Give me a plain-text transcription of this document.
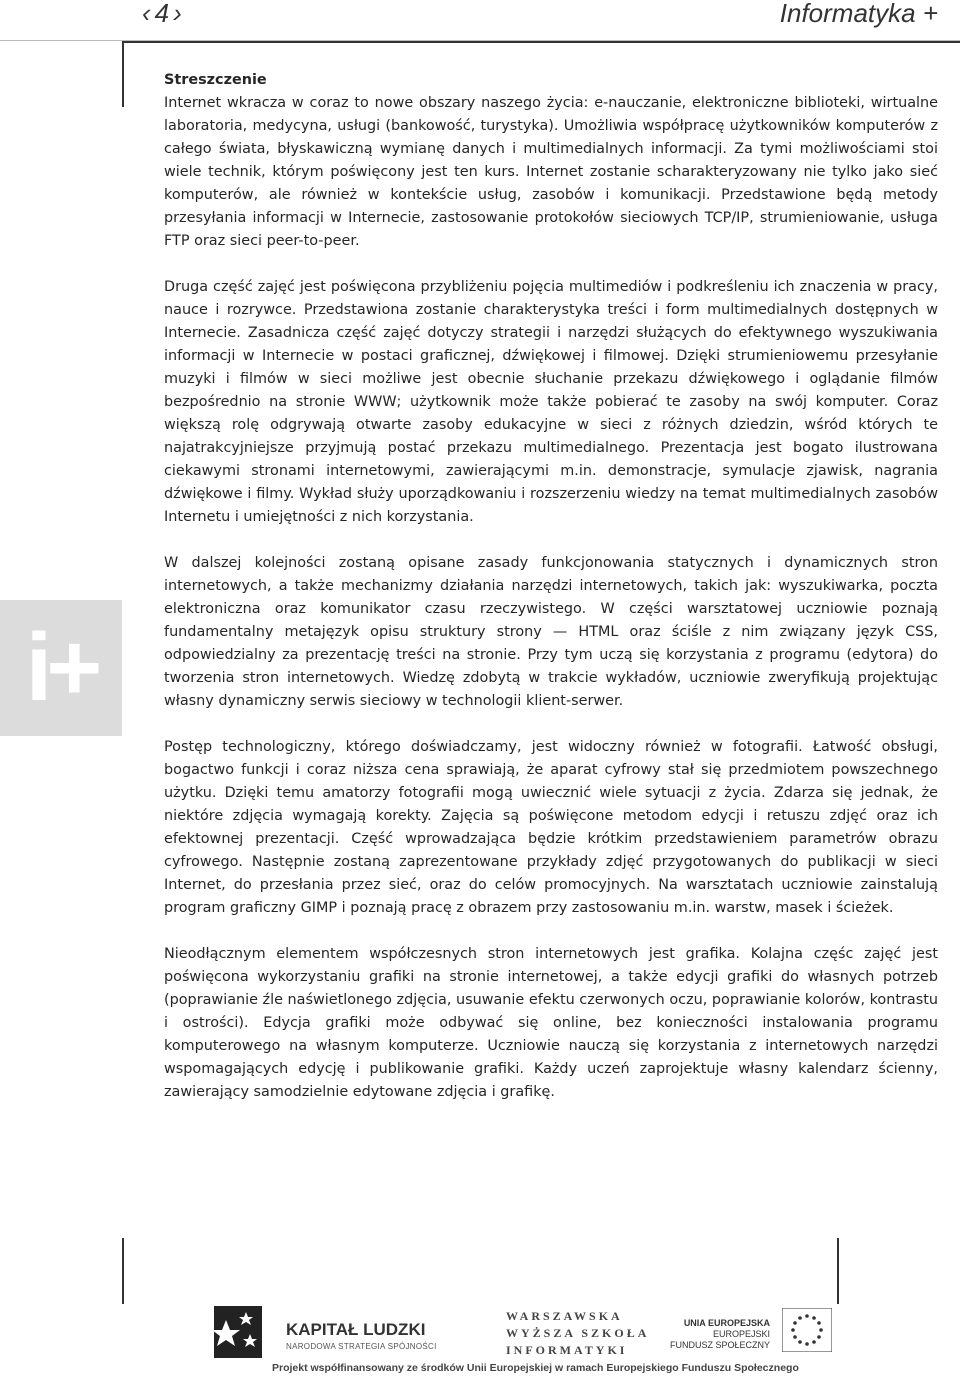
‹ 4 ›	Informatyka +
i+
Streszczenie

Internet wkracza w coraz to nowe obszary naszego życia: e-nauczanie, elektroniczne biblioteki, wirtualne laboratoria, medycyna, usługi (bankowość, turystyka). Umożliwia współpracę użytkowników komputerów z całego świata, błyskawiczną wymianę danych i multimedialnych informacji. Za tymi możliwościami stoi wiele technik, którym poświęcony jest ten kurs. Internet zostanie scharakteryzowany nie tylko jako sieć komputerów, ale również w kontekście usług, zasobów i komunikacji. Przedstawione będą metody przesyłania informacji w Internecie, zastosowanie protokołów sieciowych TCP/IP, strumieniowanie, usługa FTP oraz sieci peer-to-peer.

Druga część zajęć jest poświęcona przybliżeniu pojęcia multimediów i podkreśleniu ich znaczenia w pracy, nauce i rozrywce. Przedstawiona zostanie charakterystyka treści i form multimedialnych dostępnych w Internecie. Zasadnicza część zajęć dotyczy strategii i narzędzi służących do efektywnego wyszukiwania informacji w Internecie w postaci graficznej, dźwiękowej i filmowej. Dzięki strumieniowemu przesyłanie muzyki i filmów w sieci możliwe jest obecnie słuchanie przekazu dźwiękowego i oglądanie filmów bezpośrednio na stronie WWW; użytkownik może także pobierać te zasoby na swój komputer. Coraz większą rolę odgrywają otwarte zasoby edukacyjne w sieci z różnych dziedzin, wśród których te najatrakcyjniejsze przyjmują postać przekazu multimedialnego. Prezentacja jest bogato ilustrowana ciekawymi stronami internetowymi, zawierającymi m.in. demonstracje, symulacje zjawisk, nagrania dźwiękowe i filmy. Wykład służy uporządkowaniu i rozszerzeniu wiedzy na temat multimedialnych zasobów Internetu i umiejętności z nich korzystania.

W dalszej kolejności zostaną opisane zasady funkcjonowania statycznych i dynamicznych stron internetowych, a także mechanizmy działania narzędzi internetowych, takich jak: wyszukiwarka, poczta elektroniczna oraz komunikator czasu rzeczywistego. W części warsztatowej uczniowie poznają fundamentalny metajęzyk opisu struktury strony — HTML oraz ściśle z nim związany język CSS, odpowiedzialny za prezentację treści na stronie. Przy tym uczą się korzystania z programu (edytora) do tworzenia stron internetowych. Wiedzę zdobytą w trakcie wykładów, uczniowie zweryfikują projektując własny dynamiczny serwis sieciowy w technologii klient-serwer.

Postęp technologiczny, którego doświadczamy, jest widoczny również w fotografii. Łatwość obsługi, bogactwo funkcji i coraz niższa cena sprawiają, że aparat cyfrowy stał się przedmiotem powszechnego użytku. Dzięki temu amatorzy fotografii mogą uwiecznić wiele sytuacji z życia. Zdarza się jednak, że niektóre zdjęcia wymagają korekty. Zajęcia są poświęcone metodom edycji i retuszu zdjęć oraz ich efektownej prezentacji. Część wprowadzająca będzie krótkim przedstawieniem parametrów obrazu cyfrowego. Następnie zostaną zaprezentowane przykłady zdjęć przygotowanych do publikacji w sieci Internet, do przesłania przez sieć, oraz do celów promocyjnych. Na warsztatach uczniowie zainstalują program graficzny GIMP i poznają pracę z obrazem przy zastosowaniu m.in. warstw, masek i ścieżek.

Nieodłącznym elementem współczesnych stron internetowych jest grafika. Kolajna częśc zajęć jest poświęcona wykorzystaniu grafiki na stronie internetowej, a także edycji grafiki do własnych potrzeb (poprawianie źle naświetlonego zdjęcia, usuwanie efektu czerwonych oczu, poprawianie kolorów, kontrastu i ostrości). Edycja grafiki może odbywać się online, bez konieczności instalowania programu komputerowego na własnym komputerze. Uczniowie nauczą się korzystania z internetowych narzędzi wspomagających edycję i publikowanie grafiki. Każdy uczeń zaprojektuje własny kalendarz ścienny, zawierający samodzielnie edytowane zdjęcia i grafikę.

KAPITAŁ LUDZKI
NARODOWA STRATEGIA SPÓJNOŚCI
WARSZAWSKA
WYŻSZA SZKOŁA
INFORMATYKI
UNIA EUROPEJSKA
EUROPEJSKI
FUNDUSZ SPOŁECZNY
Projekt współfinansowany ze środków Unii Europejskiej w ramach Europejskiego Funduszu Społecznego
